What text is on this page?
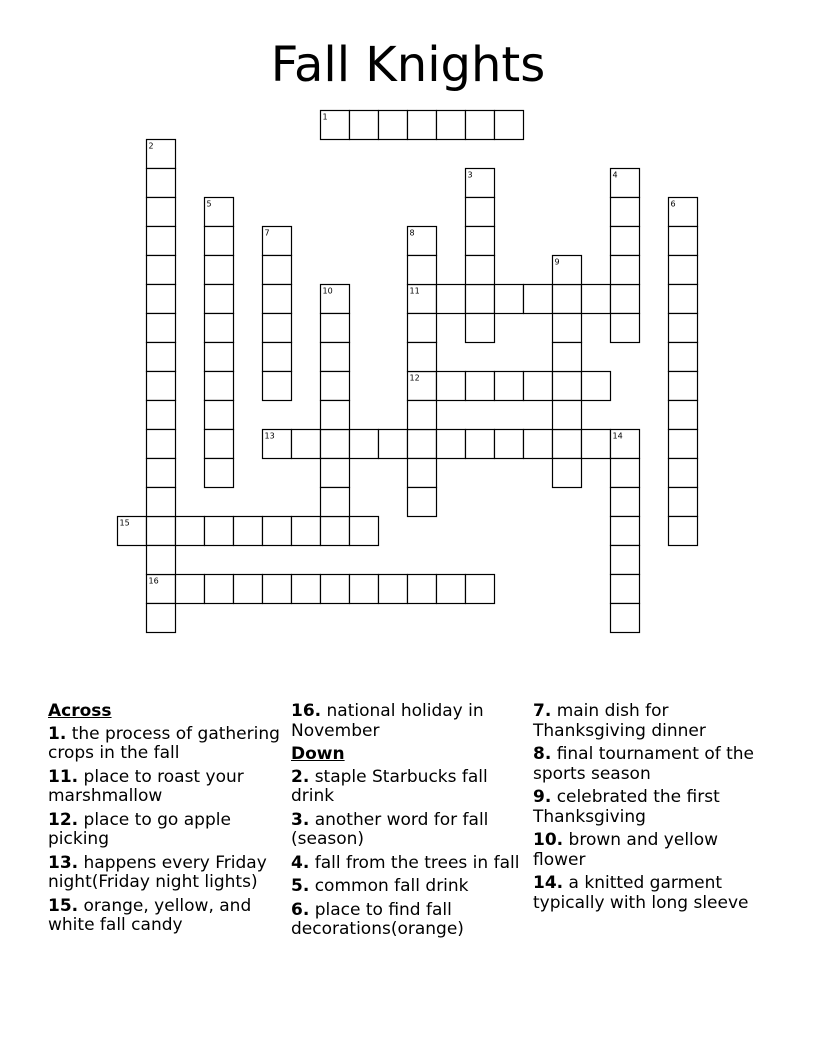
Fall Knights
1
11
12
13
15
16
2
3	4
5	6
7	8
9
10
14
Across
1. the process of gathering crops in the fall
11. place to roast your marshmallow
12. place to go apple picking
13. happens every Friday night(Friday night lights)
15. orange, yellow, and white fall candy
16. national holiday in November
Down
2. staple Starbucks fall drink
3. another word for fall (season)
4. fall from the trees in fall
5. common fall drink
6. place to find fall decorations(orange)
7. main dish for Thanksgiving dinner
8. final tournament of the sports season
9. celebrated the first Thanksgiving
10. brown and yellow flower
14. a knitted garment typically with long sleeve
